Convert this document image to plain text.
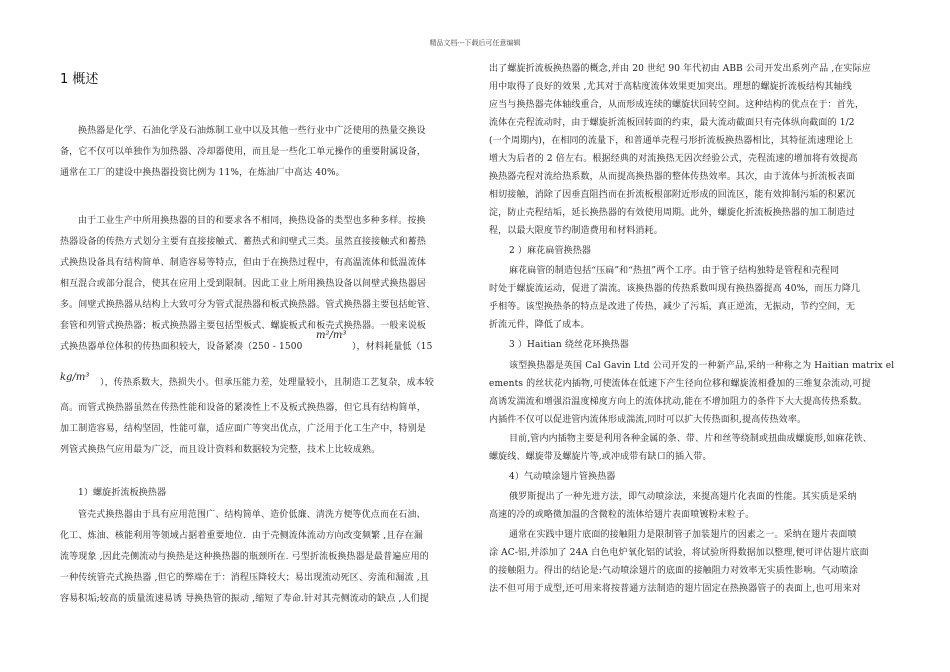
精品文档---下载后可任意编辑
1 概述
换热器是化学、石油化学及石油炼制工业中以及其他一些行业中广泛使用的热量交换设
备，它不仅可以单独作为加热器、冷却器使用，而且是一些化工单元操作的重要附属设备，
通常在工厂的建设中换热器投资比例为 11%，在炼油厂中高达 40%。
由于工业生产中所用换热器的目的和要求各不相同，换热设备的类型也多种多样。按换
热器设备的传热方式划分主要有直接接触式、蓄热式和间壁式三类。虽然直接接触式和蓄热
式换热设备具有结构简单、制造容易等特点，但由于在换热过程中，有高温流体和低温流体
相互混合或部分混合，使其在应用上受到限制。因此工业上所用换热设备以间壁式换热器居
多。间壁式换热器从结构上大致可分为管式混热器和板式换热器。管式换热器主要包括蛇管、
套管和列管式换热器；板式换热器主要包括型板式、螺旋板式和板壳式换热器。一般来说板
式换热器单位体积的传热面积较大，设备紧凑（250 - 1500
m²/m³
），材料耗量低（15
kg/m³ ），传热系数大，热损失小。但承压能力差，处理量较小，且制造工艺复杂，成本较
高。而管式换热器虽然在传热性能和设备的紧凑性上不及板式换热器，但它具有结构简单，
加工制造容易，结构坚固，性能可靠，适应面广等突出优点，广泛用于化工生产中，特别是
列管式换热气应用最为广泛，而且设计资料和数据较为完整，技术上比较成熟。
1）螺旋折流板换热器
管壳式换热器由于具有应用范围广、结构简单、造价低廉、清洗方便等优点而在石油、
化工、炼油、核能利用等领域占据着重要地位．由于壳侧流体流动方向改变频繁 ,且存在漏
流等现象 ,因此壳侧流动与换热是这种换热器的瓶颈所在. 弓型折流板换热器是最普遍应用的
一种传统管壳式换热器 ,但它的弊端在于：消程压降较大；易出现流动死区、旁流和漏流 ,且
容易积垢;较高的质量流速易诱 导换热管的振动 ,缩短了寿命.针对其壳侧流动的缺点 ,人们提
出了螺旋折流板换热器的概念,并由 20 世纪 90 年代初由 ABB 公司开发出系列产品 ,在实际应
用中取得了良好的效果 ,尤其对于高粘度流体效果更加突出。理想的螺旋折流板结构其轴线
应当与换热器壳体轴线重合，从而形成连续的螺旋状回转空间。这种结构的优点在于：首先，
流体在壳程流动时，由于螺旋折流板回转面的约束，最大流动截面只有壳体纵向截面的 1/2
(一个周期内)，在相同的流量下，和普通单壳程弓形折流板换热器相比，其特征流速理论上
增大为后者的 2 倍左右。根据经典的对流换热无因次经验公式，壳程流速的增加将有效提高
换热器壳程对流给热系数，从而提高换热器的整体传热效率。其次，由于流体与折流板表面
相切接触，消除了因垂直阻挡而在折流板根部附近形成的回流区，能有效抑制污垢的积累沉
淀，防止壳程结垢，延长换热器的有效使用周期。此外，螺旋化折流板换热器的加工制造过
程，以最大限度节约制造费用和材料消耗。
2 ）麻花扁管换热器
麻花扁管的制造包括“压扁”和“热扭”两个工序。由于管子结构独特是管程和壳程同
时处于螺旋流运动，促进了湍流。该换热器的传热系数叫现有换热器提高 40%，而压力降几
乎相等。该型换热条的特点是改进了传热，减少了污垢，真正逆流，无振动，节约空间，无
折流元件，降低了成本。
3 ）Haitian 绕丝花环换热器
该型换热器是英国 Cal Gavin Ltd 公司开发的一种新产品,采纳一种称之为 Haitian matrix el
ements 的丝状花内插物,可使流体在低速下产生径向位移和螺旋流相叠加的三维复杂流动,可提
高诱发湍流和增强沿温度梯度方向上的流体扰动,能在不增加阻力的条件下大大提高传热系数。
内插件不仅可以促进管内流体形成湍流,同时可以扩大传热面积,提高传热效率。
目前,管内内插物主要是利用各种金属的条、带、片和丝等绕制或扭曲成螺旋形,如麻花铁、
螺旋线、螺旋带及螺旋片等,或冲成带有缺口的插入带。
4）气动喷涂翅片管换热器
俄罗斯提出了一种先进方法，即气动喷涂法，来提高翅片化表面的性能。其实质是采纳
高速的冷的或略微加温的含微粒的流体给翅片表面喷镀粉末粒子。
通常在实践中翅片底面的接触阻力是限制管子加装翅片的因素之一。采纳在翅片表面喷
涂 AC-铝,并添加了 24A 白色电炉氧化铝的试验，将试验所得数据加以整理,便可评估翅片底面
的接触阻力。得出的结论是:气动喷涂翅片的底面的接触阻力对效率无实质性影响。气动喷涂
法不但可用于成型,还可用来将按普通方法制造的翅片固定在热换器管子的表面上,也可用来对
